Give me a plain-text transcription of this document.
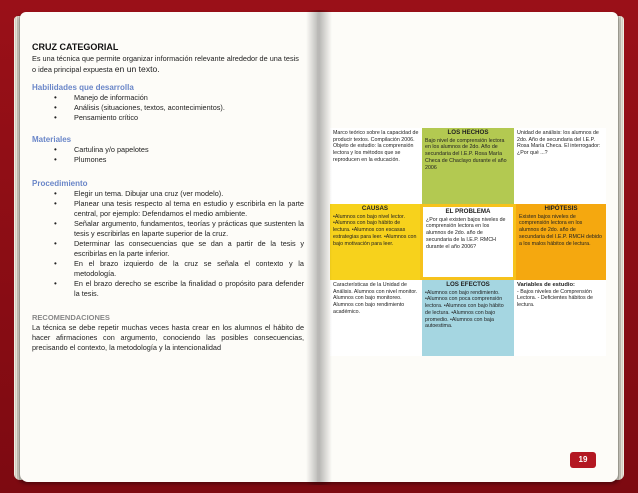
CRUZ CATEGORIAL

Es una técnica que permite organizar información relevante alrededor de una tesis o idea principal expuesta en un texto.

Habilidades que desarrolla
• Manejo de información
• Análisis (situaciones, textos, acontecimientos).
• Pensamiento crítico
Materiales
• Cartulina y/o papelotes
• Plumones
Procedimiento
• Elegir un tema. Dibujar una cruz (ver modelo).
• Planear una tesis respecto al tema en estudio y escribirla en la parte central, por ejemplo: Defendamos el medio ambiente.
• Señalar argumento, fundamentos, teorías y prácticas que sustenten la tesis y escribirlas en laparte superior de la cruz.
• Determinar las consecuencias que se dan a partir de la tesis y escribirlas en la parte inferior.
• En el brazo izquierdo de la cruz se señala el contexto y la metodología.
• En el brazo derecho se escribe la finalidad o propósito para defender la tesis.
RECOMENDACIONES

La técnica se debe repetir muchas veces hasta crear en los alumnos el hábito de hacer afirmaciones con argumento, conociendo las posibles consecuencias, precisando el contexto, la metodología y la intencionalidad

Marco teórico sobre la capacidad de producir textos. Compilación 2006. Objeto de estudio: la comprensión lectora y los métodos que se reproducen en la educación.
LOS HECHOS
Bajo nivel de comprensión lectora en los alumnos de 2do. Año de secundaria del I.E.P. Rosa María Checa de Chaclayo durante el año 2006
Unidad de análisis: los alumnos de 2do. Año de secundaria del I.E.P. Rosa María Checa. El interrogador: ¿Por qué ...?
CAUSAS
•Alumnos con bajo nivel lector. •Alumnos con bajo hábito de lectura. •Alumnos con escasas estrategias para leer. •Alumnos con bajo motivación para leer.
EL PROBLEMA
¿Por qué existen bajos niveles de comprensión lectora en los alumnos de 2do. año de secundaria de la I.E.P. RMCH durante el año 2006?
HIPÓTESIS
Existen bajos niveles de comprensión lectora en los alumnos de 2do. año de secundaria del I.E.P. RMCH debido a los malos hábitos de lectura.
Características de la Unidad de Análisis. Alumnos con nivel monitor. Alumnos con bajo monitoreo. Alumnos con bajo rendimiento académico.
LOS EFECTOS
•Alumnos con bajo rendimiento. •Alumnos con poca comprensión lectora. •Alumnos con bajo hábito de lectura. •Alumnos con bajo promedio. •Alumnos con baja autoestima.
Variables de estudio:
- Bajos niveles de Comprensión Lectora. - Deficientes hábitos de lectura.
19
